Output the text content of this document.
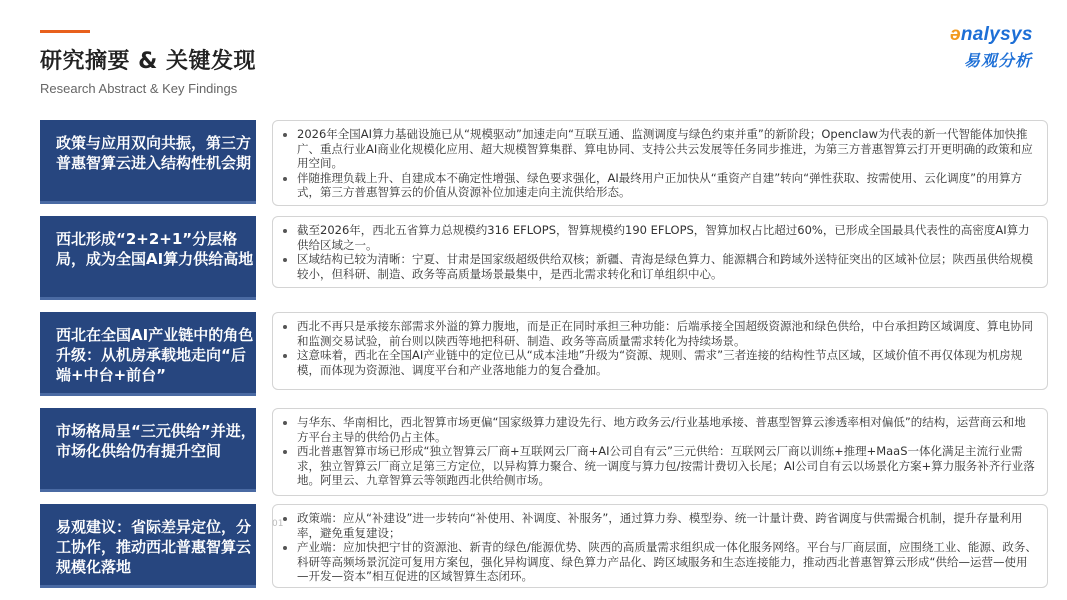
研究摘要 & 关键发现
Research Abstract & Key Findings
ənalysys
易观分析
政策与应用双向共振，第三方普惠智算云进入结构性机会期
• 2026年全国AI算力基础设施已从“规模驱动”加速走向“互联互通、监测调度与绿色约束并重”的新阶段；Openclaw为代表的新一代智能体加快推广、重点行业AI商业化规模化应用、超大规模智算集群、算电协同、支持公共云发展等任务同步推进，为第三方普惠智算云打开更明确的政策和应用空间。
• 伴随推理负载上升、自建成本不确定性增强、绿色要求强化，AI最终用户正加快从“重资产自建”转向“弹性获取、按需使用、云化调度”的用算方式，第三方普惠智算云的价值从资源补位加速走向主流供给形态。
西北形成“2+2+1”分层格局，成为全国AI算力供给高地
• 截至2026年，西北五省算力总规模约316 EFLOPS，智算规模约190 EFLOPS，智算加权占比超过60%，已形成全国最具代表性的高密度AI算力供给区域之一。
• 区域结构已较为清晰：宁夏、甘肃是国家级超级供给双核；新疆、青海是绿色算力、能源耦合和跨域外送特征突出的区域补位层；陕西虽供给规模较小，但科研、制造、政务等高质量场景最集中，是西北需求转化和订单组织中心。
西北在全国AI产业链中的角色升级：从机房承载地走向“后端+中台+前台”
• 西北不再只是承接东部需求外溢的算力腹地，而是正在同时承担三种功能：后端承接全国超级资源池和绿色供给，中台承担跨区域调度、算电协同和监测交易试验，前台则以陕西等地把科研、制造、政务等高质量需求转化为持续场景。
• 这意味着，西北在全国AI产业链中的定位已从“成本洼地”升级为“资源、规则、需求”三者连接的结构性节点区域，区域价值不再仅体现为机房规模，而体现为资源池、调度平台和产业落地能力的复合叠加。
市场格局呈“三元供给”并进，市场化供给仍有提升空间
• 与华东、华南相比，西北智算市场更偏“国家级算力建设先行、地方政务云/行业基地承接、普惠型智算云渗透率相对偏低”的结构，运营商云和地方平台主导的供给仍占主体。
• 西北普惠智算市场已形成“独立智算云厂商+互联网云厂商+AI公司自有云”三元供给：互联网云厂商以训练+推理+MaaS一体化满足主流行业需求，独立智算云厂商立足第三方定位，以异构算力聚合、统一调度与算力包/按需计费切入长尾；AI公司自有云以场景化方案+算力服务补齐行业落地。阿里云、九章智算云等领跑西北供给侧市场。
易观建议：省际差异定位，分工协作，推动西北普惠智算云规模化落地
• 政策端：应从“补建设”进一步转向“补使用、补调度、补服务”，通过算力券、模型券、统一计量计费、跨省调度与供需撮合机制，提升存量利用率，避免重复建设；
• 产业端：应加快把宁甘的资源池、新青的绿色/能源优势、陕西的高质量需求组织成一体化服务网络。平台与厂商层面，应围绕工业、能源、政务、科研等高频场景沉淀可复用方案包，强化异构调度、绿色算力产品化、跨区域服务和生态连接能力，推动西北普惠智算云形成“供给—运营—使用—开发—资本”相互促进的区域智算生态闭环。
01
